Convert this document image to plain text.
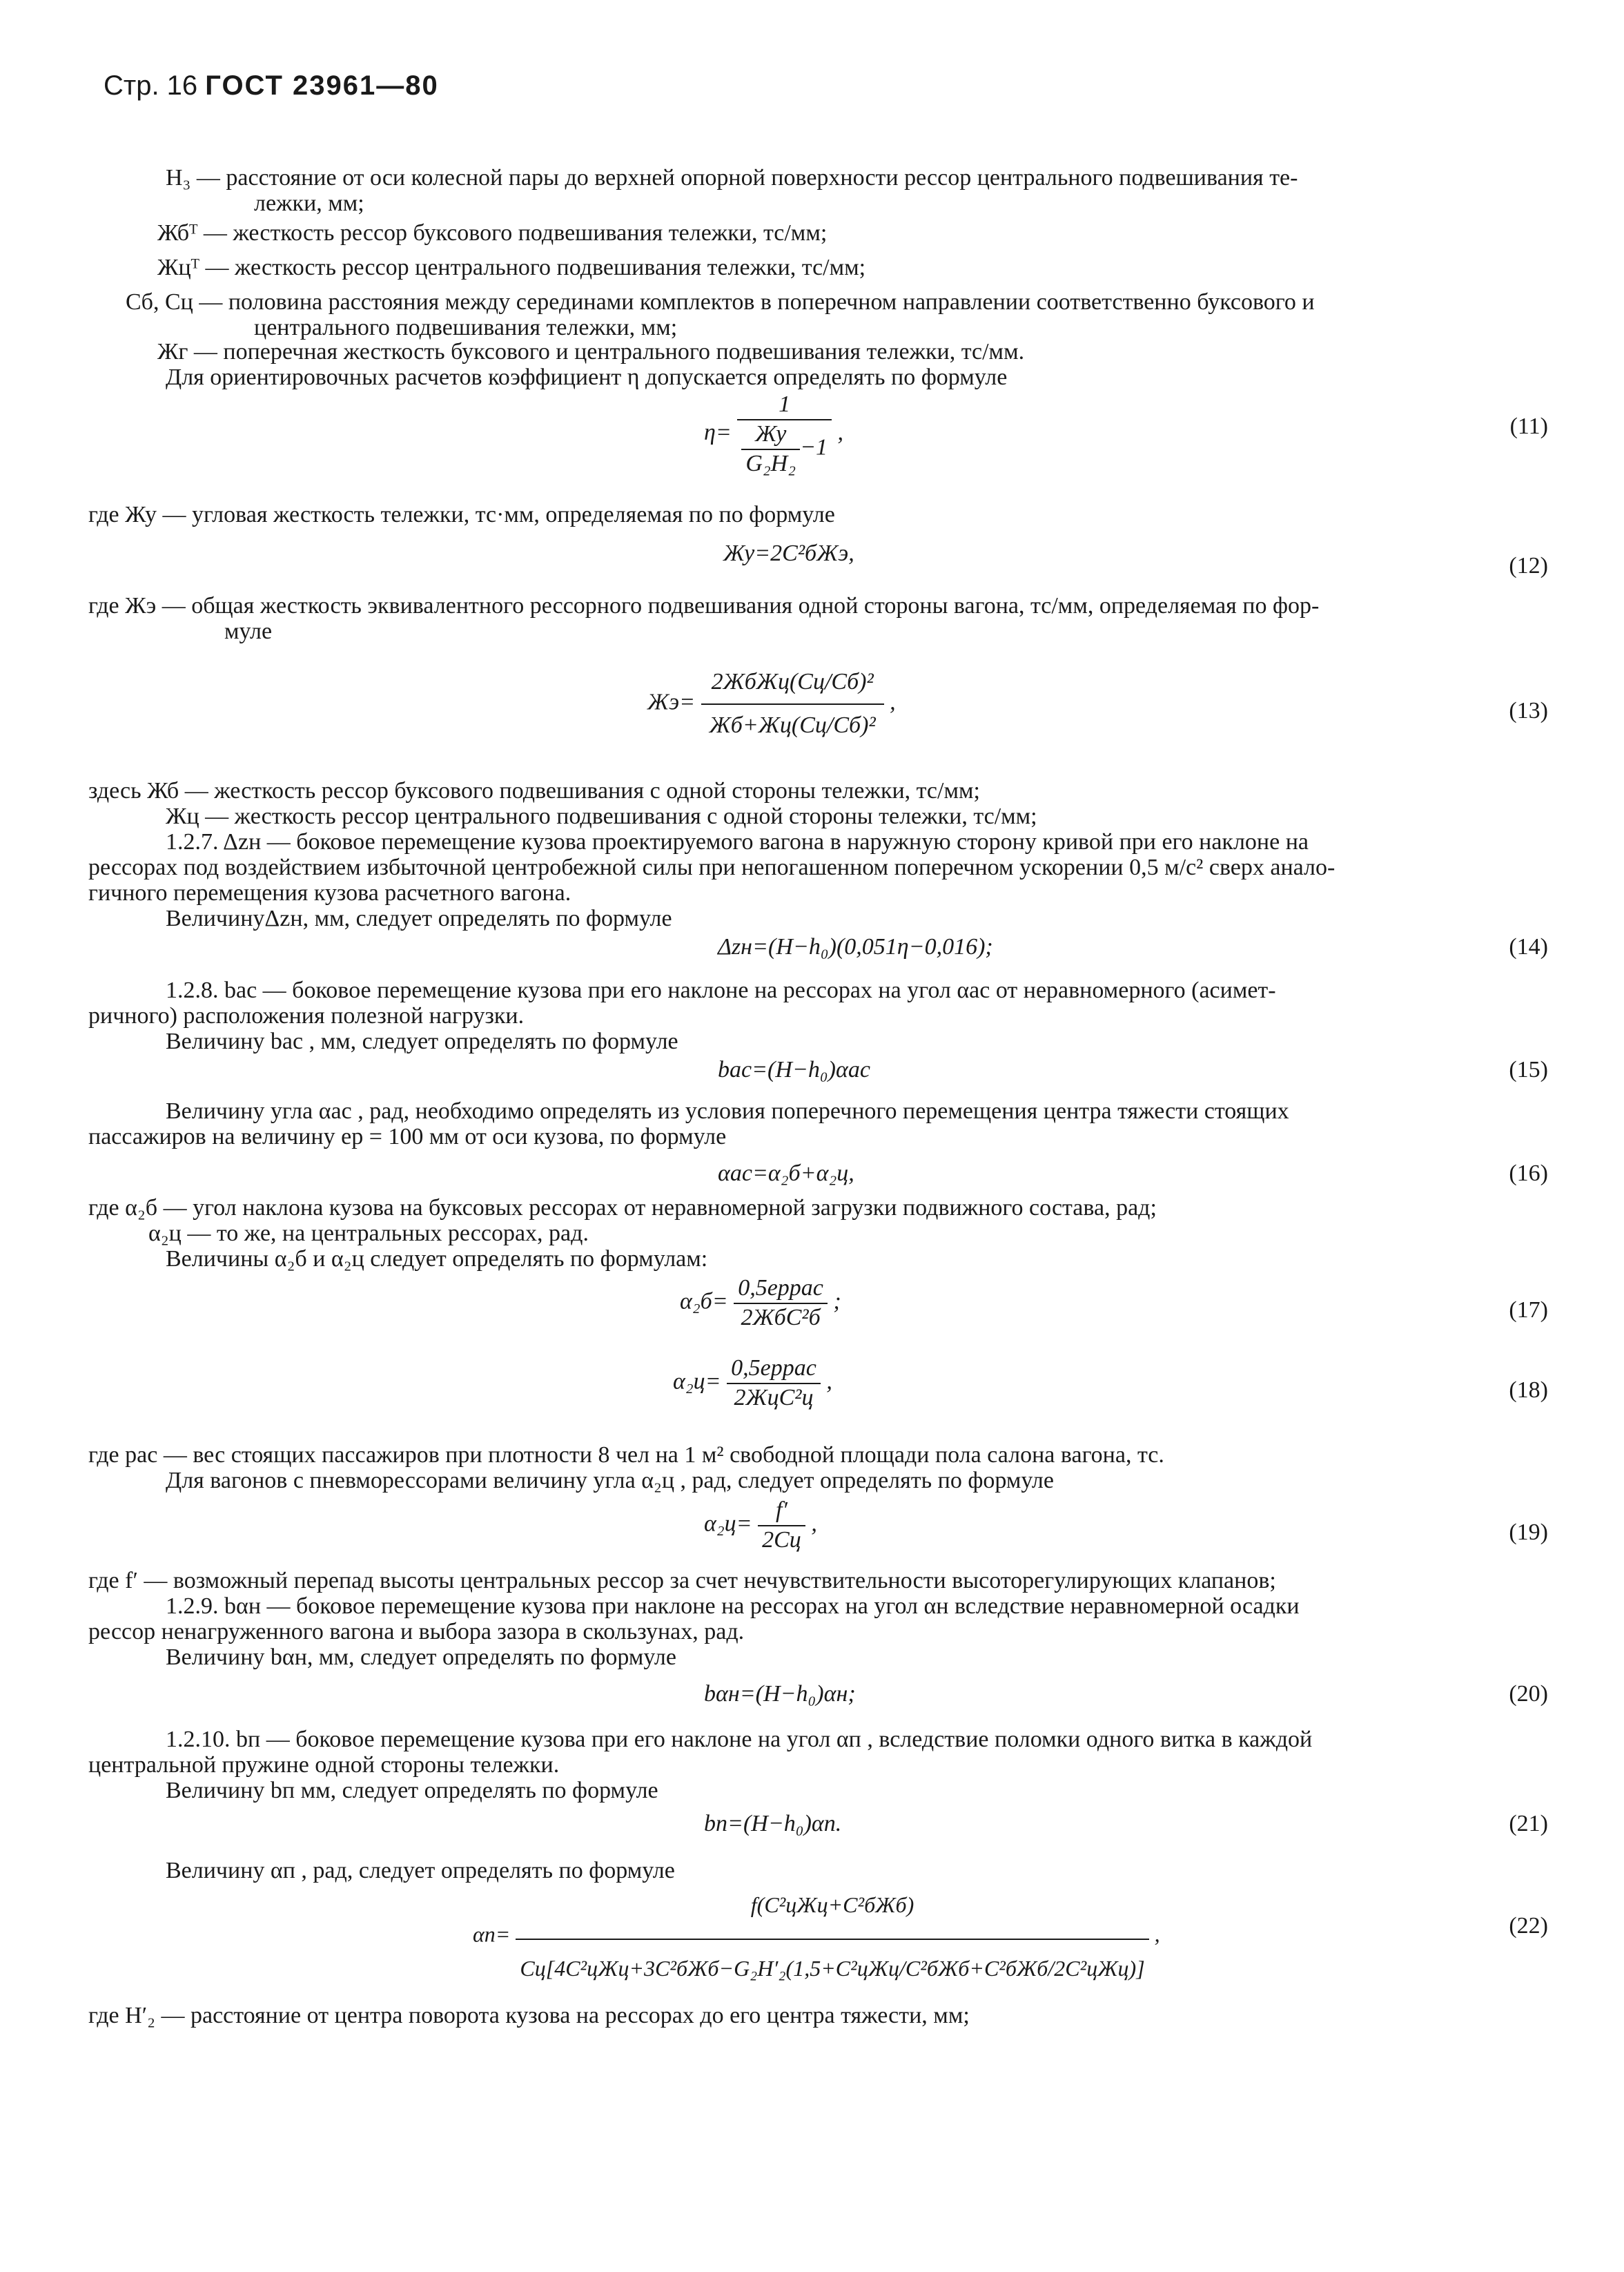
Стр. 16 ГОСТ 23961—80
H₃ — расстояние от оси колесной пары до верхней опорной поверхности рессор центрального подвешивания те-
лежки, мм;
Жбᵀ — жесткость рессор буксового подвешивания тележки, тс/мм;
Жцᵀ — жесткость рессор центрального подвешивания тележки, тс/мм;
Cб, Cц — половина расстояния между серединами комплектов в поперечном направлении соответственно буксового и
центрального подвешивания тележки, мм;
Жг — поперечная жесткость буксового и центрального подвешивания тележки, тс/мм.
Для ориентировочных расчетов коэффициент η допускается определять по формуле
$\eta= \frac{1}{\frac{Жу}{\text{G₂H₂}} -1}$ ,	(11)
где Жу — угловая жесткость тележки, тс·мм, определяемая по по формуле
Жу=2C²бЖэ,	(12)
где Жэ — общая жесткость эквивалентного рессорного подвешивания одной стороны вагона, тс/мм, определяемая по фор-
муле
$Жэ= \frac{\text{2ЖбЖц(Cц/Cб)²}}{\text{Жб+Жц(Cц/Cб)²}}$ ,	(13)
здесь Жб — жесткость рессор буксового подвешивания с одной стороны тележки, тс/мм;
Жц — жесткость рессор центрального подвешивания с одной стороны тележки, тс/мм;
1.2.7. Δzн — боковое перемещение кузова проектируемого вагона в наружную сторону кривой при его наклоне на
рессорах под воздействием избыточной центробежной силы при непогашенном поперечном ускорении 0,5 м/с² сверх анало-
гичного перемещения кузова расчетного вагона.
ВеличинуΔzн, мм, следует определять по формуле
Δzн=(H−h₀)(0,051η−0,016);	(14)
1.2.8. bас — боковое перемещение кузова при его наклоне на рессорах на угол αас от неравномерного (асимет-
ричного) расположения полезной нагрузки.
Величину bас , мм, следует определять по формуле
bас=(H−h₀)αас	(15)
Величину угла αас , рад, необходимо определять из условия поперечного перемещения центра тяжести стоящих
пассажиров на величину eр = 100 мм от оси кузова, по формуле
αас=α₂б+α₂ц,	(16)
где α₂б — угол наклона кузова на буксовых рессорах от неравномерной загрузки подвижного состава, рад;
α₂ц — то же, на центральных рессорах, рад.
Величины α₂б и α₂ц следует определять по формулам:
$\alpha_2б= \frac{\text{0,5eрpас}}{\text{2ЖбC²б}}$ ;	(17)
$\alpha_2ц= \frac{\text{0,5eрpас}}{\text{2ЖцC²ц}}$ ,	(18)
где pас — вес стоящих пассажиров при плотности 8 чел на 1 м² свободной площади пола салона вагона, тс.
Для вагонов с пневморессорами величину угла α₂ц , рад, следует определять по формуле
$\alpha_2ц= \frac{f'}{2Cц}$ ,	(19)
где f′ — возможный перепад высоты центральных рессор за счет нечувствительности высоторегулирующих клапанов;
1.2.9. bαн — боковое перемещение кузова при наклоне на рессорах на угол αн вследствие неравномерной осадки
рессор ненагруженного вагона и выбора зазора в скользунах, рад.
Величину bαн, мм, следует определять по формуле
bαн=(H−h₀)αн;	(20)
1.2.10. bп — боковое перемещение кузова при его наклоне на угол αп , вследствие поломки одного витка в каждой
центральной пружине одной стороны тележки.
Величину bп мм, следует определять по формуле
bп=(H−h₀)αп.	(21)
Величину αп , рад, следует определять по формуле
$\alpha п= \frac{\text{f(C²цЖц+C²бЖб)}}{\text{Cц[4C²цЖц+3C²бЖб−G₂H′₂(1,5+C²цЖц/C²бЖб+C²бЖб/2C²цЖц)]}}$ ,	(22)
где H′₂ — расстояние от центра поворота кузова на рессорах до его центра тяжести, мм;
